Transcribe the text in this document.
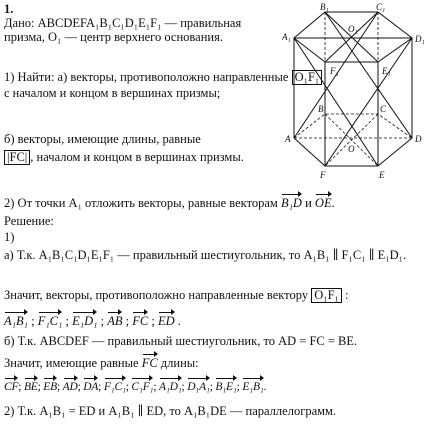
1.
Дано: ABCDEFA₁B₁C₁D₁E₁F₁ — правильная призма, O₁ — центр верхнего основания.
1) Найти: а) векторы, противоположно направленные O₁F₁
с началом и концом в вершинах призмы;
б) векторы, имеющие длины, равные
|FC| , началом и концом в вершинах призмы.
2) От точки A₁ отложить векторы, равные векторам B₁D и OE.
Решение:
1)
а) Т.к. A₁B₁C₁D₁E₁F₁ — правильный шестиугольник, то A₁B₁ ∥ F₁C₁ ∥ E₁D₁.
Значит, векторы, противоположно направленные вектору O₁F₁ :
A₁B₁ ; F₁C₁ ; E₁D₁ ; AB ; FC ; ED .
б) Т.к. ABCDEF — правильный шестиугольник, то AD = FC = BE.
Значит, имеющие равные FC длины:
CF; BE; EB; AD; DA; F₁C₁; C₁F₁; A₁D₁; D₁A₁; B₁E₁; E₁B₁.
2) Т.к. A₁B₁ = ED и A₁B₁ ∥ ED, то A₁B₁DE — параллелограмм.
B₁	C₁
A₁	D₁
O₁
F₁	E₁
B	C
A	D
O
F	E
